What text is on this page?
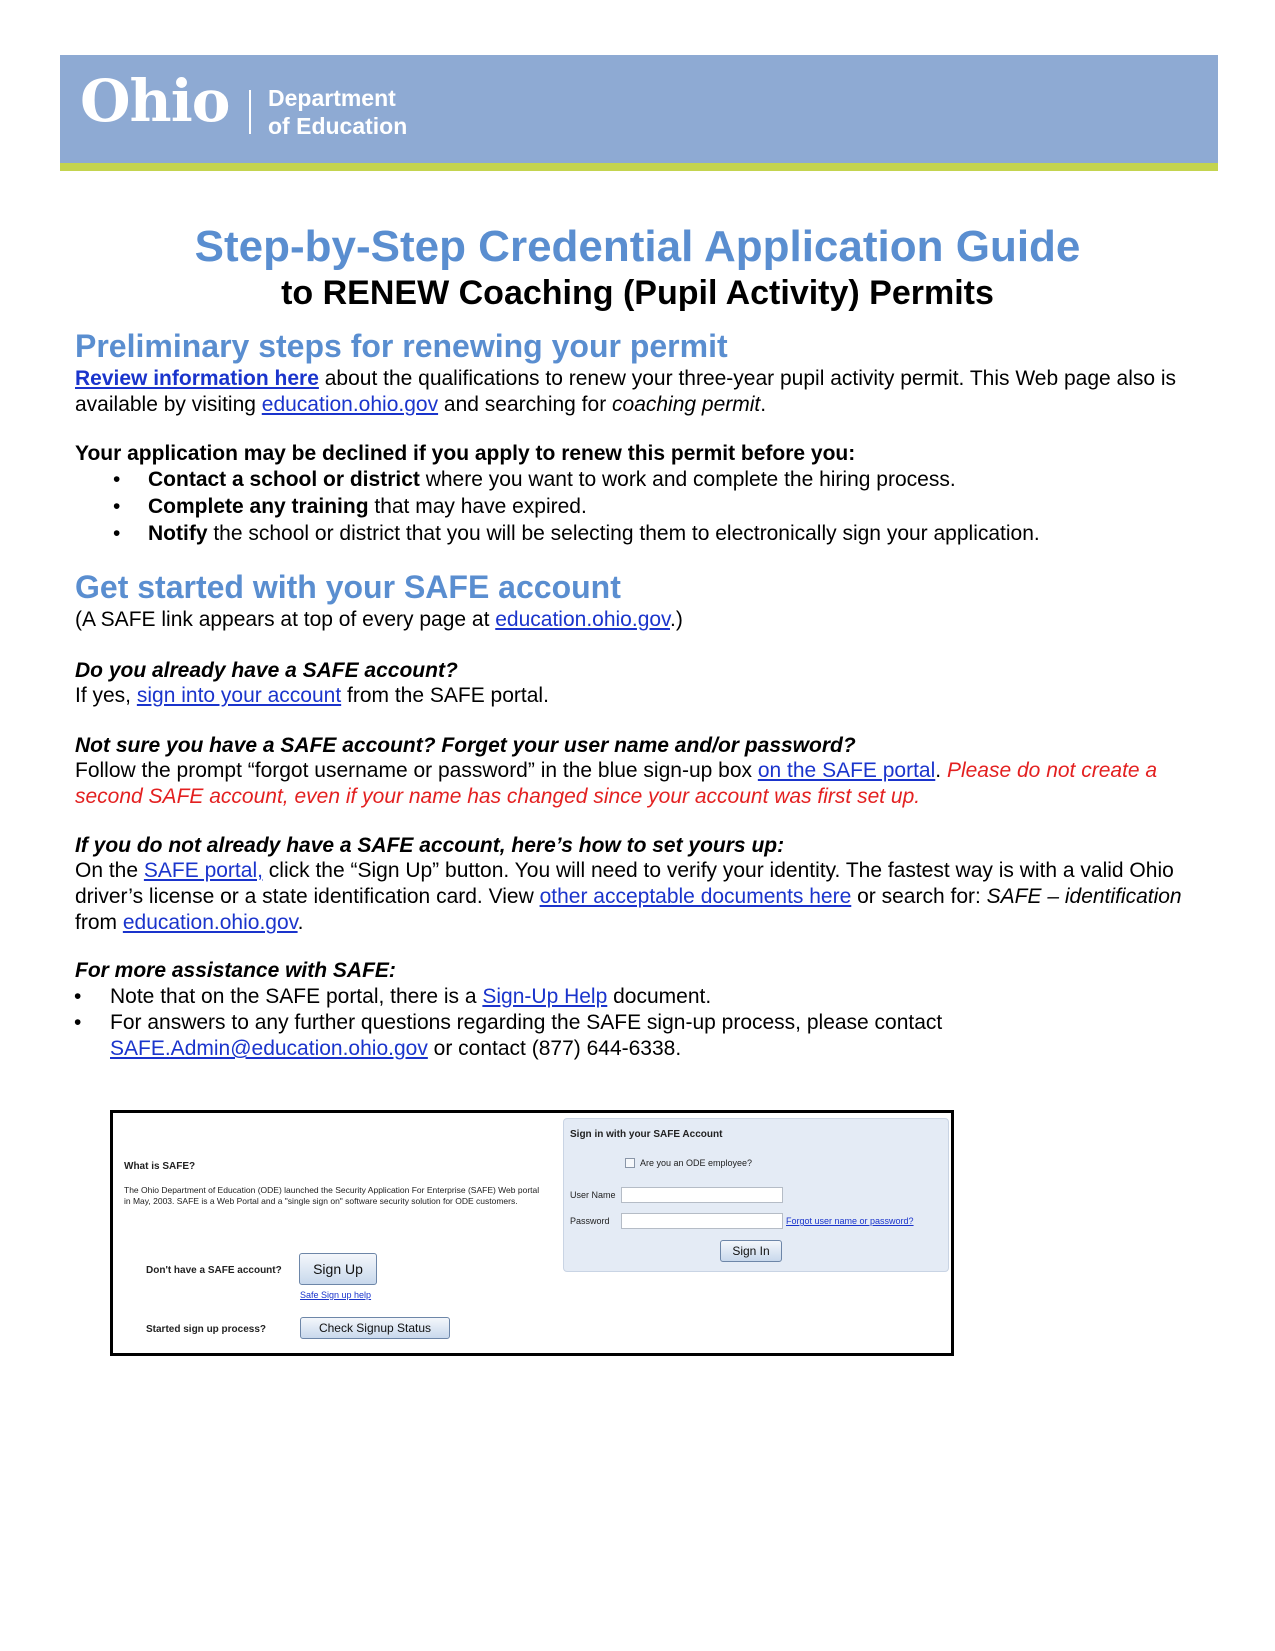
Ohio Department
of Education
Step-by-Step Credential Application Guide
to RENEW Coaching (Pupil Activity) Permits
Preliminary steps for renewing your permit
Review information here about the qualifications to renew your three-year pupil activity permit. This Web page also is available by visiting education.ohio.gov and searching for coaching permit.
Your application may be declined if you apply to renew this permit before you:
• Contact a school or district where you want to work and complete the hiring process.
• Complete any training that may have expired.
• Notify the school or district that you will be selecting them to electronically sign your application.
Get started with your SAFE account
(A SAFE link appears at top of every page at education.ohio.gov.)
Do you already have a SAFE account?
If yes, sign into your account from the SAFE portal.
Not sure you have a SAFE account? Forget your user name and/or password?
Follow the prompt “forgot username or password” in the blue sign-up box on the SAFE portal. Please do not create a second SAFE account, even if your name has changed since your account was first set up.
If you do not already have a SAFE account, here’s how to set yours up:
On the SAFE portal, click the “Sign Up” button. You will need to verify your identity. The fastest way is with a valid Ohio driver’s license or a state identification card. View other acceptable documents here or search for: SAFE – identification from education.ohio.gov.
For more assistance with SAFE:
• Note that on the SAFE portal, there is a Sign-Up Help document.
• For answers to any further questions regarding the SAFE sign-up process, please contact SAFE.Admin@education.ohio.gov or contact (877) 644-6338.
What is SAFE?
The Ohio Department of Education (ODE) launched the Security Application For Enterprise (SAFE) Web portal in May, 2003. SAFE is a Web Portal and a "single sign on" software security solution for ODE customers.
Don't have a SAFE account?	Sign Up
Safe Sign up help
Started sign up process?	Check Signup Status
Sign in with your SAFE Account
Are you an ODE employee?
User Name
Password	Forgot user name or password?
Sign In
